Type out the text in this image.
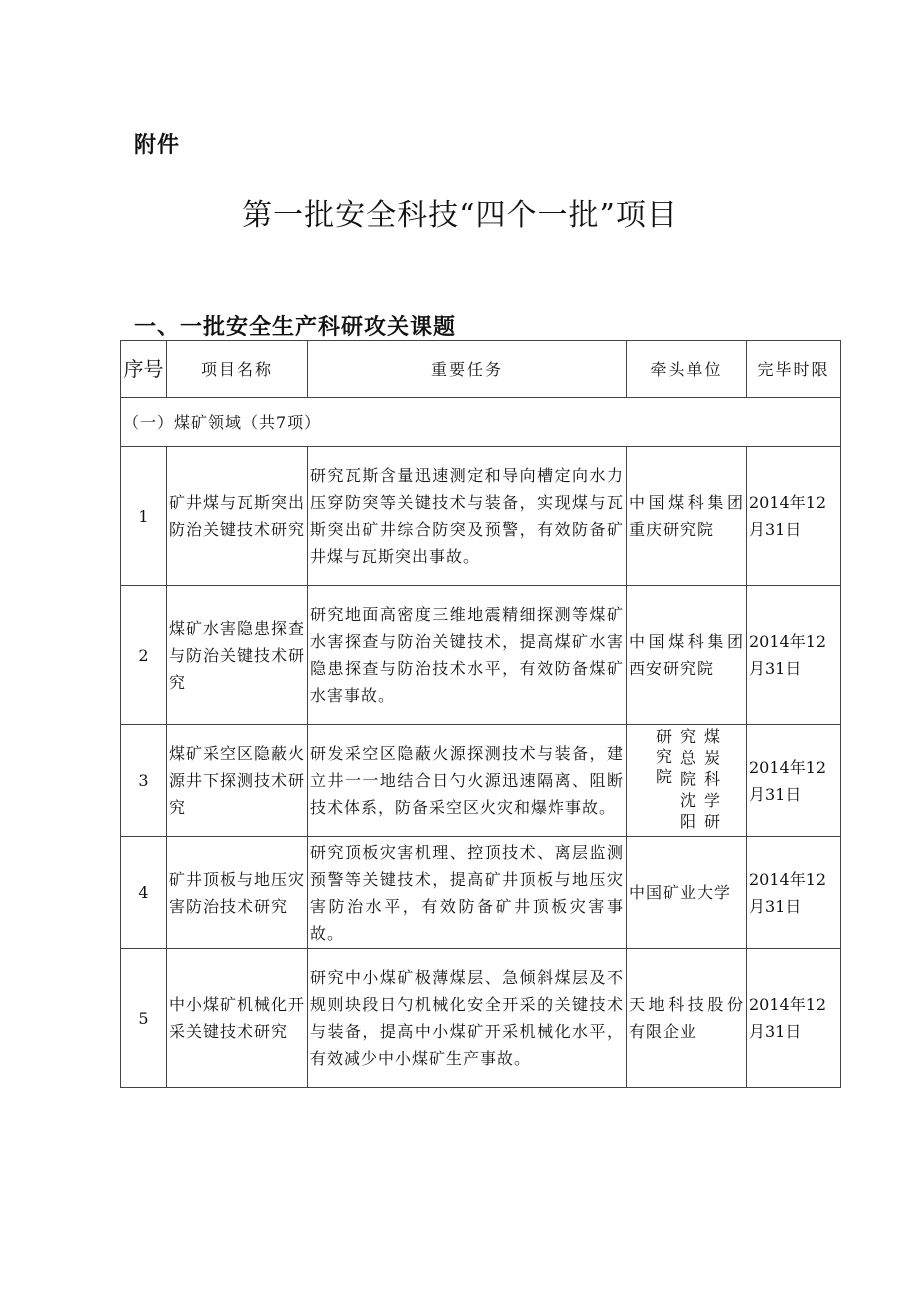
附件
第一批安全科技“四个一批”项目
一、一批安全生产科研攻关课题
序号	项目名称	重要任务	牵头单位	完毕时限
（一）煤矿领域（共7项）				
1	矿井煤与瓦斯突出防治关键技术研究	研究瓦斯含量迅速测定和导向槽定向水力压穿防突等关键技术与装备，实现煤与瓦斯突出矿井综合防突及预警，有效防备矿井煤与瓦斯突出事故。	中国煤科集团重庆研究院	2014年12月31日
2	煤矿水害隐患探查与防治关键技术研究	研究地面高密度三维地震精细探测等煤矿水害探查与防治关键技术，提高煤矿水害隐患探查与防治技术水平，有效防备煤矿水害事故。	中国煤科集团西安研究院	2014年12月31日
3	煤矿采空区隐蔽火源井下探测技术研究	研发采空区隐蔽火源探测技术与装备，建立井一一地结合日勺火源迅速隔离、阻断技术体系，防备采空区火灾和爆炸事故。	煤炭科学研究总院沈阳研究院	2014年12月31日
4	矿井顶板与地压灾害防治技术研究	研究顶板灾害机理、控顶技术、离层监测预警等关键技术，提高矿井顶板与地压灾害防治水平，有效防备矿井顶板灾害事故。	中国矿业大学	2014年12月31日
5	中小煤矿机械化开采关键技术研究	研究中小煤矿极薄煤层、急倾斜煤层及不规则块段日勺机械化安全开采的关键技术与装备，提高中小煤矿开采机械化水平，有效减少中小煤矿生产事故。	天地科技股份有限企业	2014年12月31日
